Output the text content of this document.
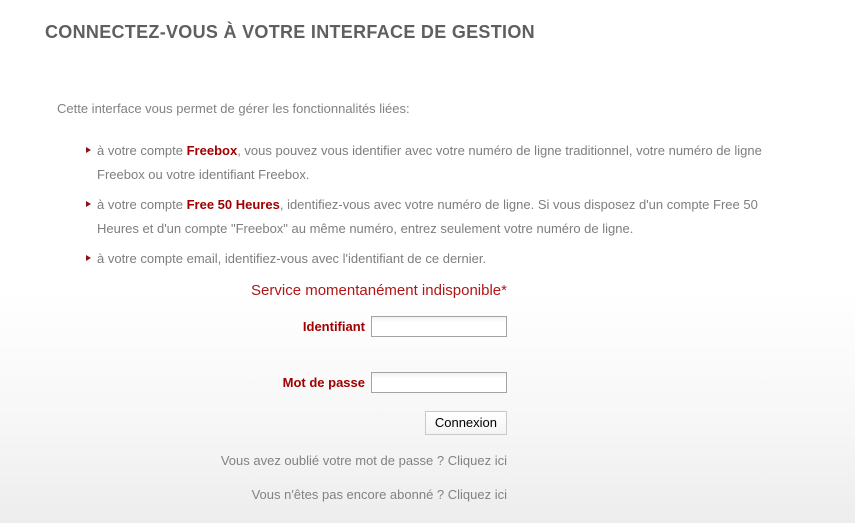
CONNECTEZ-VOUS À VOTRE INTERFACE DE GESTION

Cette interface vous permet de gérer les fonctionnalités liées:

à votre compte Freebox, vous pouvez vous identifier avec votre numéro de ligne traditionnel, votre numéro de ligne Freebox ou votre identifiant Freebox.
à votre compte Free 50 Heures, identifiez-vous avec votre numéro de ligne. Si vous disposez d'un compte Free 50 Heures et d'un compte "Freebox" au même numéro, entrez seulement votre numéro de ligne.
à votre compte email, identifiez-vous avec l'identifiant de ce dernier.
Service momentanément indisponible*
Identifiant
Mot de passe
Connexion
Vous avez oublié votre mot de passe ? Cliquez ici
Vous n'êtes pas encore abonné ? Cliquez ici
